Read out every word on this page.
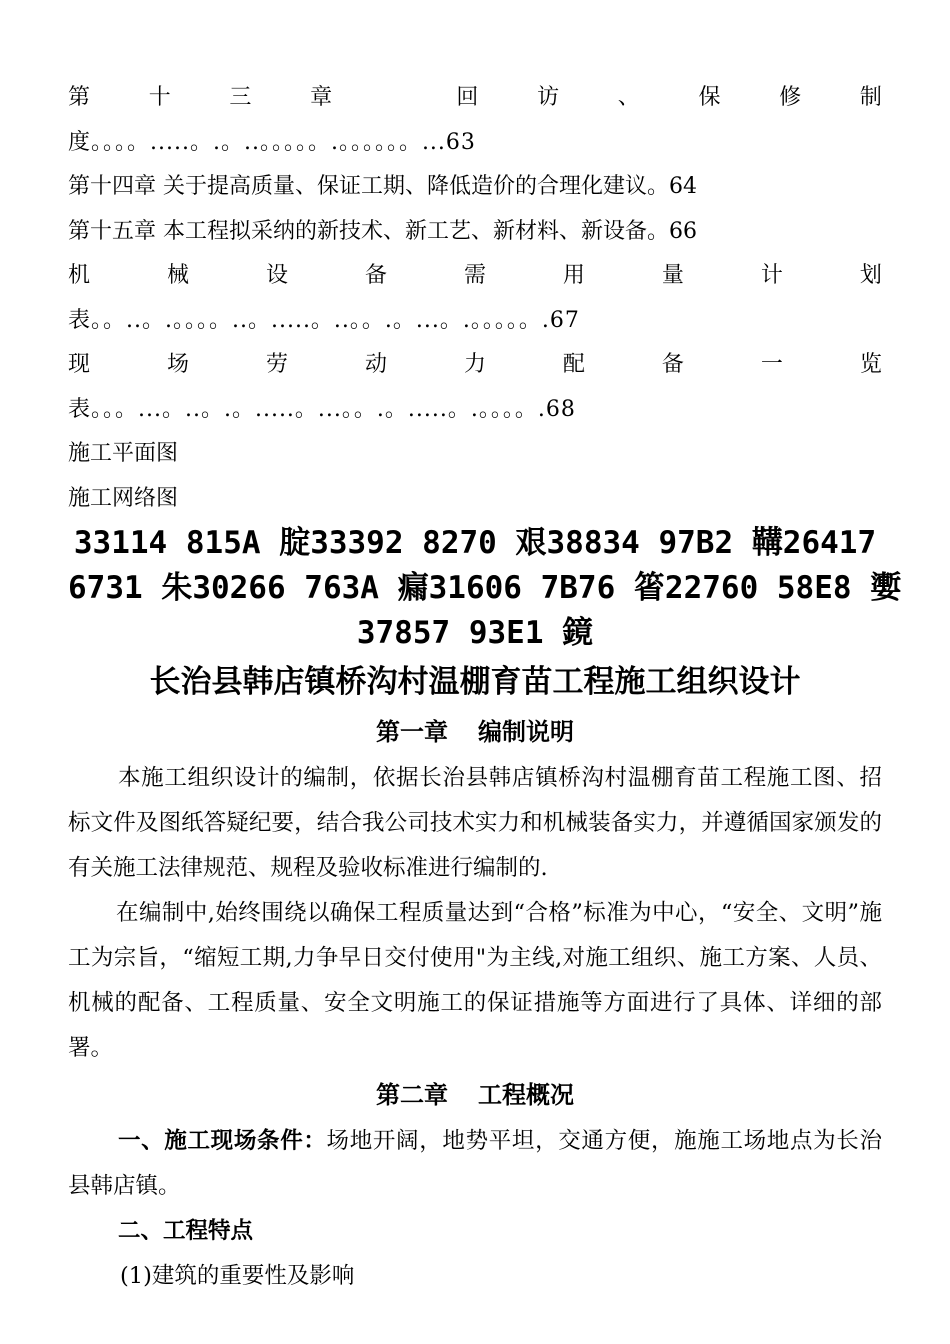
第	十	三	章
	回	访	、	保	修	制
度。。。。.....。.。..。。。。。.。。。。。。...63
第十四章 关于提高质量、保证工期、降低造价的合理化建议。64
第十五章 本工程拟采纳的新技术、新工艺、新材料、新设备。66
机	械	设	备	需	用	量	计	划
表。。..。.。。。。..。.....。..。。.。...。.。。。。。.67
现	场	劳	动	力	配	备	一	览
表。。。...。..。.。.....。...。。.。.....。.。。。。.68
施工平面图
施工网络图

33114 815A 腚33392 8270 艰38834 97B2 鞲26417

6731 朱30266 763A 瘺31606 7B76 箵22760 58E8 嬱

37857 93E1 鏡

长治县韩店镇桥沟村温棚育苗工程施工组织设计
第一章 编制说明

本施工组织设计的编制，依据长治县韩店镇桥沟村温棚育苗工程施工图、招标文件及图纸答疑纪要，结合我公司技术实力和机械装备实力，并遵循国家颁发的有关施工法律规范、规程及验收标准进行编制的.

在编制中,始终围绕以确保工程质量达到“合格”标准为中心，“安全、文明”施工为宗旨，“缩短工期,力争早日交付使用"为主线,对施工组织、施工方案、人员、机械的配备、工程质量、安全文明施工的保证措施等方面进行了具体、详细的部署。

第二章 工程概况

一、施工现场条件：场地开阔，地势平坦，交通方便，施施工场地点为长治县韩店镇。

二、工程特点

(1)建筑的重要性及影响
